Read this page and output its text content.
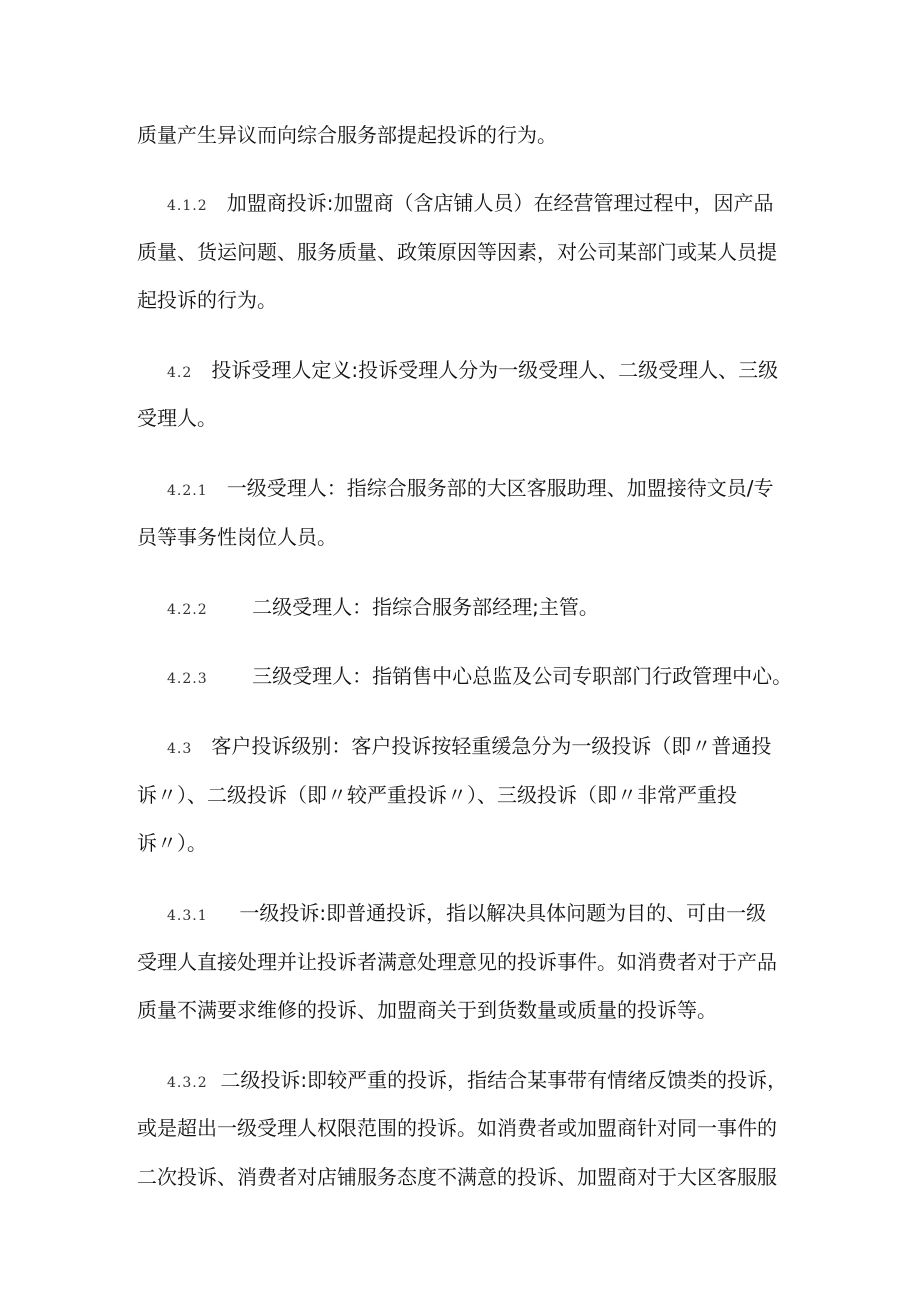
质量产生异议而向综合服务部提起投诉的行为。
4.1.2 加盟商投诉:加盟商（含店铺人员）在经营管理过程中，因产品
质量、货运问题、服务质量、政策原因等因素，对公司某部门或某人员提
起投诉的行为。
4.2 投诉受理人定义:投诉受理人分为一级受理人、二级受理人、三级
受理人。
4.2.1 一级受理人：指综合服务部的大区客服助理、加盟接待文员/专
员等事务性岗位人员。
4.2.2 二级受理人：指综合服务部经理;主管。
4.2.3 三级受理人：指销售中心总监及公司专职部门行政管理中心。
4.3 客户投诉级别：客户投诉按轻重缓急分为一级投诉（即〃普通投
诉〃）、二级投诉（即〃较严重投诉〃）、三级投诉（即〃非常严重投
诉〃）。
4.3.1 一级投诉:即普通投诉，指以解决具体问题为目的、可由一级
受理人直接处理并让投诉者满意处理意见的投诉事件。如消费者对于产品
质量不满要求维修的投诉、加盟商关于到货数量或质量的投诉等。
4.3.2 二级投诉:即较严重的投诉，指结合某事带有情绪反馈类的投诉，
或是超出一级受理人权限范围的投诉。如消费者或加盟商针对同一事件的
二次投诉、消费者对店铺服务态度不满意的投诉、加盟商对于大区客服服
